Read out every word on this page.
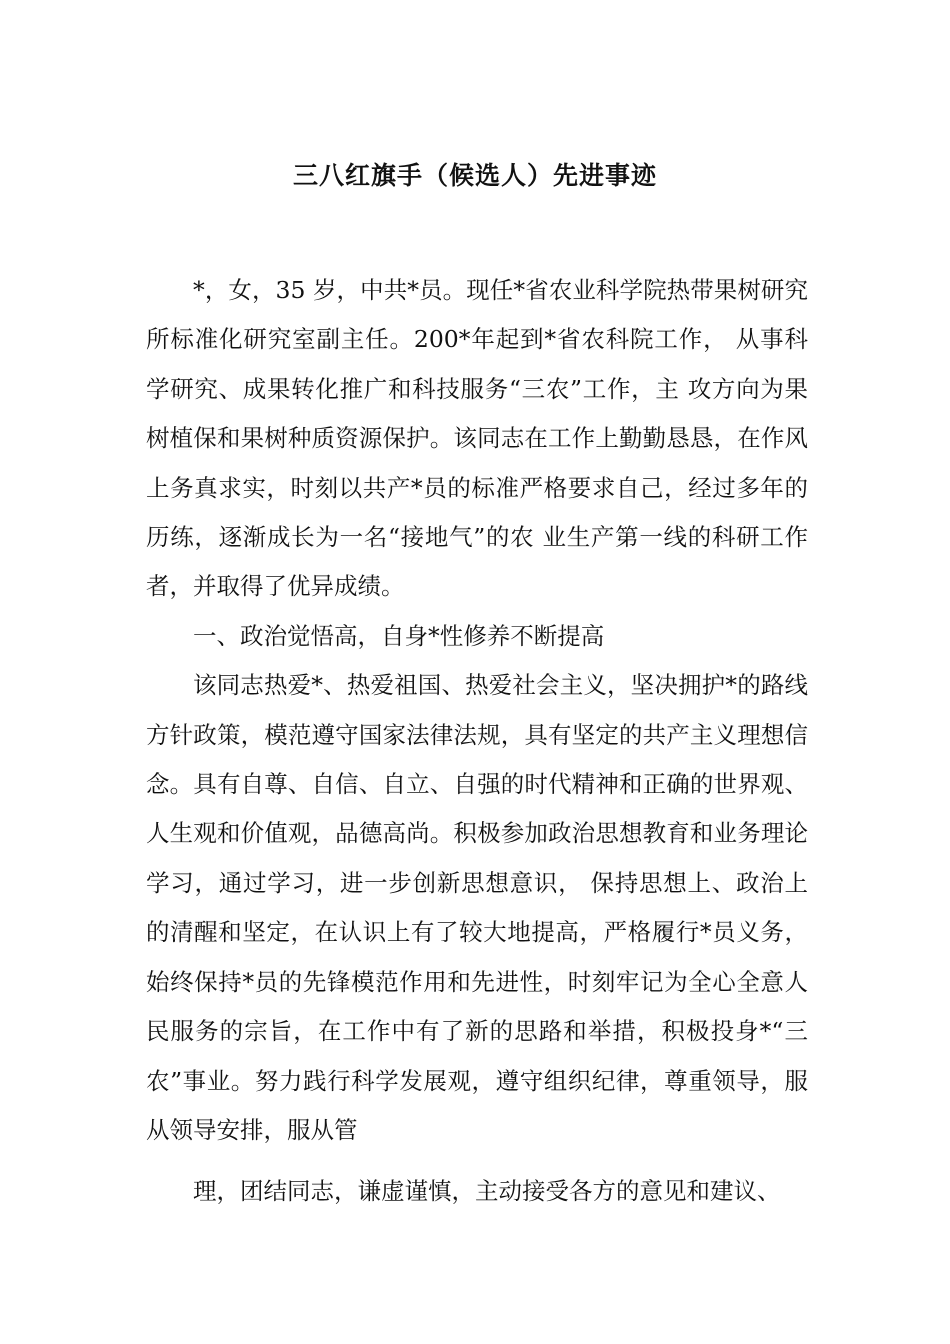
三八红旗手（候选人）先进事迹

*，女，35 岁，中共*员。现任*省农业科学院热带果树研究所标准化研究室副主任。200*年起到*省农科院工作， 从事科学研究、成果转化推广和科技服务“三农”工作，主 攻方向为果树植保和果树种质资源保护。该同志在工作上勤勤恳恳，在作风上务真求实，时刻以共产*员的标准严格要求自己，经过多年的历练，逐渐成长为一名“接地气”的农 业生产第一线的科研工作者，并取得了优异成绩。

一、政治觉悟高，自身*性修养不断提高

该同志热爱*、热爱祖国、热爱社会主义，坚决拥护*的路线方针政策，模范遵守国家法律法规，具有坚定的共产主义理想信念。具有自尊、自信、自立、自强的时代精神和正确的世界观、人生观和价值观，品德高尚。积极参加政治思想教育和业务理论学习，通过学习，进一步创新思想意识， 保持思想上、政治上的清醒和坚定，在认识上有了较大地提高，严格履行*员义务，始终保持*员的先锋模范作用和先进性，时刻牢记为全心全意人民服务的宗旨，在工作中有了新的思路和举措，积极投身*“三农”事业。努力践行科学发展观，遵守组织纪律，尊重领导，服从领导安排，服从管

理，团结同志，谦虚谨慎，主动接受各方的意见和建议、
